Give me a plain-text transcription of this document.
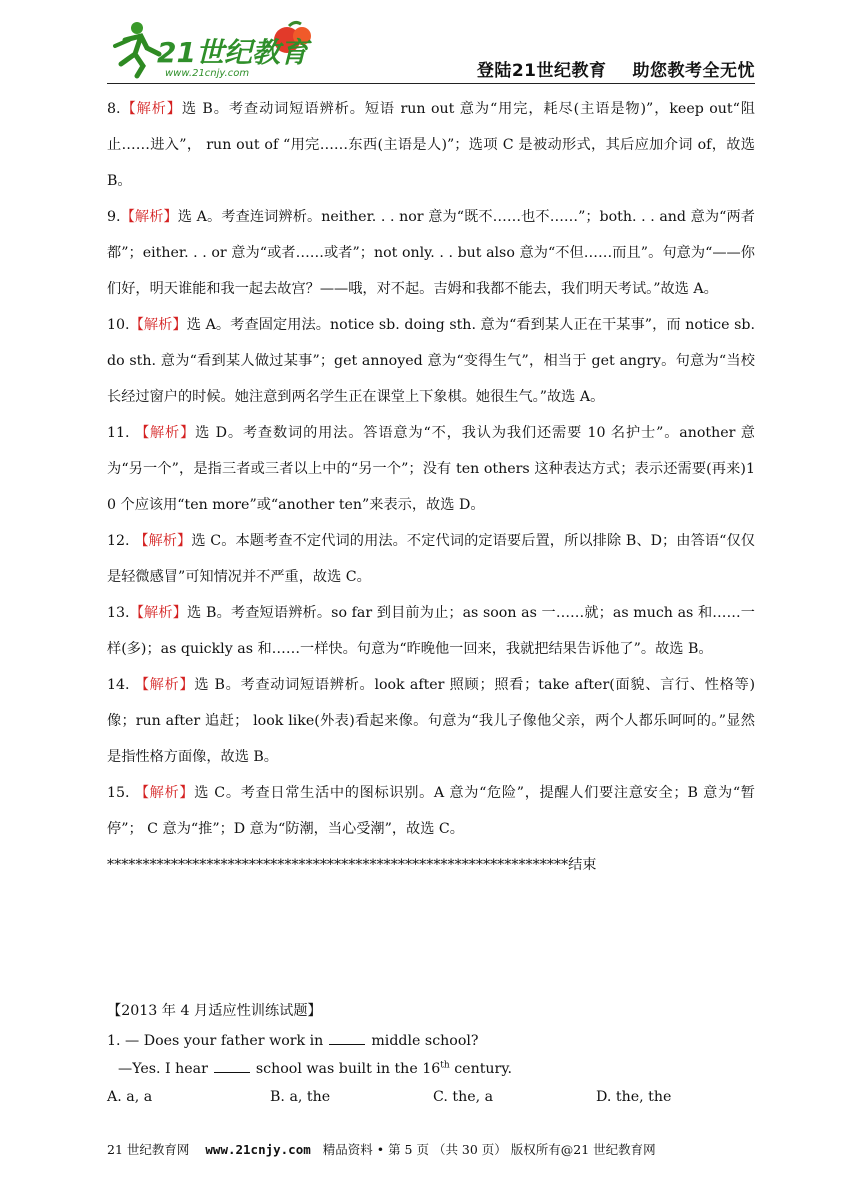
21世纪教育
www.21cnjy.com	登陆21世纪教育 助您教考全无忧
8.【解析】选 B。考查动词短语辨析。短语 run out 意为“用完，耗尽(主语是物)”，keep out“阻止……进入”， run out of “用完……东西(主语是人)”；选项 C 是被动形式，其后应加介词 of，故选 B。
9.【解析】选 A。考查连词辨析。neither. . . nor 意为“既不……也不……”；both. . . and 意为“两者都”；either. . . or 意为“或者……或者”；not only. . . but also 意为“不但……而且”。句意为“——你们好，明天谁能和我一起去故宫？——哦，对不起。吉姆和我都不能去，我们明天考试。”故选 A。
10.【解析】选 A。考查固定用法。notice sb. doing sth. 意为“看到某人正在干某事”，而 notice sb. do sth. 意为“看到某人做过某事”；get annoyed 意为“变得生气”，相当于 get angry。句意为“当校长经过窗户的时候。她注意到两名学生正在课堂上下象棋。她很生气。”故选 A。
11. 【解析】选 D。考查数词的用法。答语意为“不，我认为我们还需要 10 名护士”。another 意为“另一个”，是指三者或三者以上中的“另一个”；没有 ten others 这种表达方式；表示还需要(再来)10 个应该用“ten more”或“another ten”来表示，故选 D。
12. 【解析】选 C。本题考查不定代词的用法。不定代词的定语要后置，所以排除 B、D；由答语“仅仅是轻微感冒”可知情况并不严重，故选 C。
13.【解析】选 B。考查短语辨析。so far 到目前为止；as soon as 一……就；as much as 和……一样(多)；as quickly as 和……一样快。句意为“昨晚他一回来，我就把结果告诉他了”。故选 B。
14. 【解析】选 B。考查动词短语辨析。look after 照顾；照看；take after(面貌、言行、性格等)像；run after 追赶； look like(外表)看起来像。句意为“我儿子像他父亲，两个人都乐呵呵的。”显然是指性格方面像，故选 B。
15. 【解析】选 C。考查日常生活中的图标识别。A 意为“危险”，提醒人们要注意安全；B 意为“暂停”； C 意为“推”；D 意为“防潮，当心受潮”，故选 C。
*****************************************************************结束
【2013 年 4 月适应性训练试题】
1. — Does your father work in	middle school?
—Yes. I hear	school was built in the 16th century.
A. a, a	B. a, the	C. the, a	D. the, the
21 世纪教育网 www.21cnjy.com 精品资料 • 第 5 页 （共 30 页） 版权所有@21 世纪教育网
